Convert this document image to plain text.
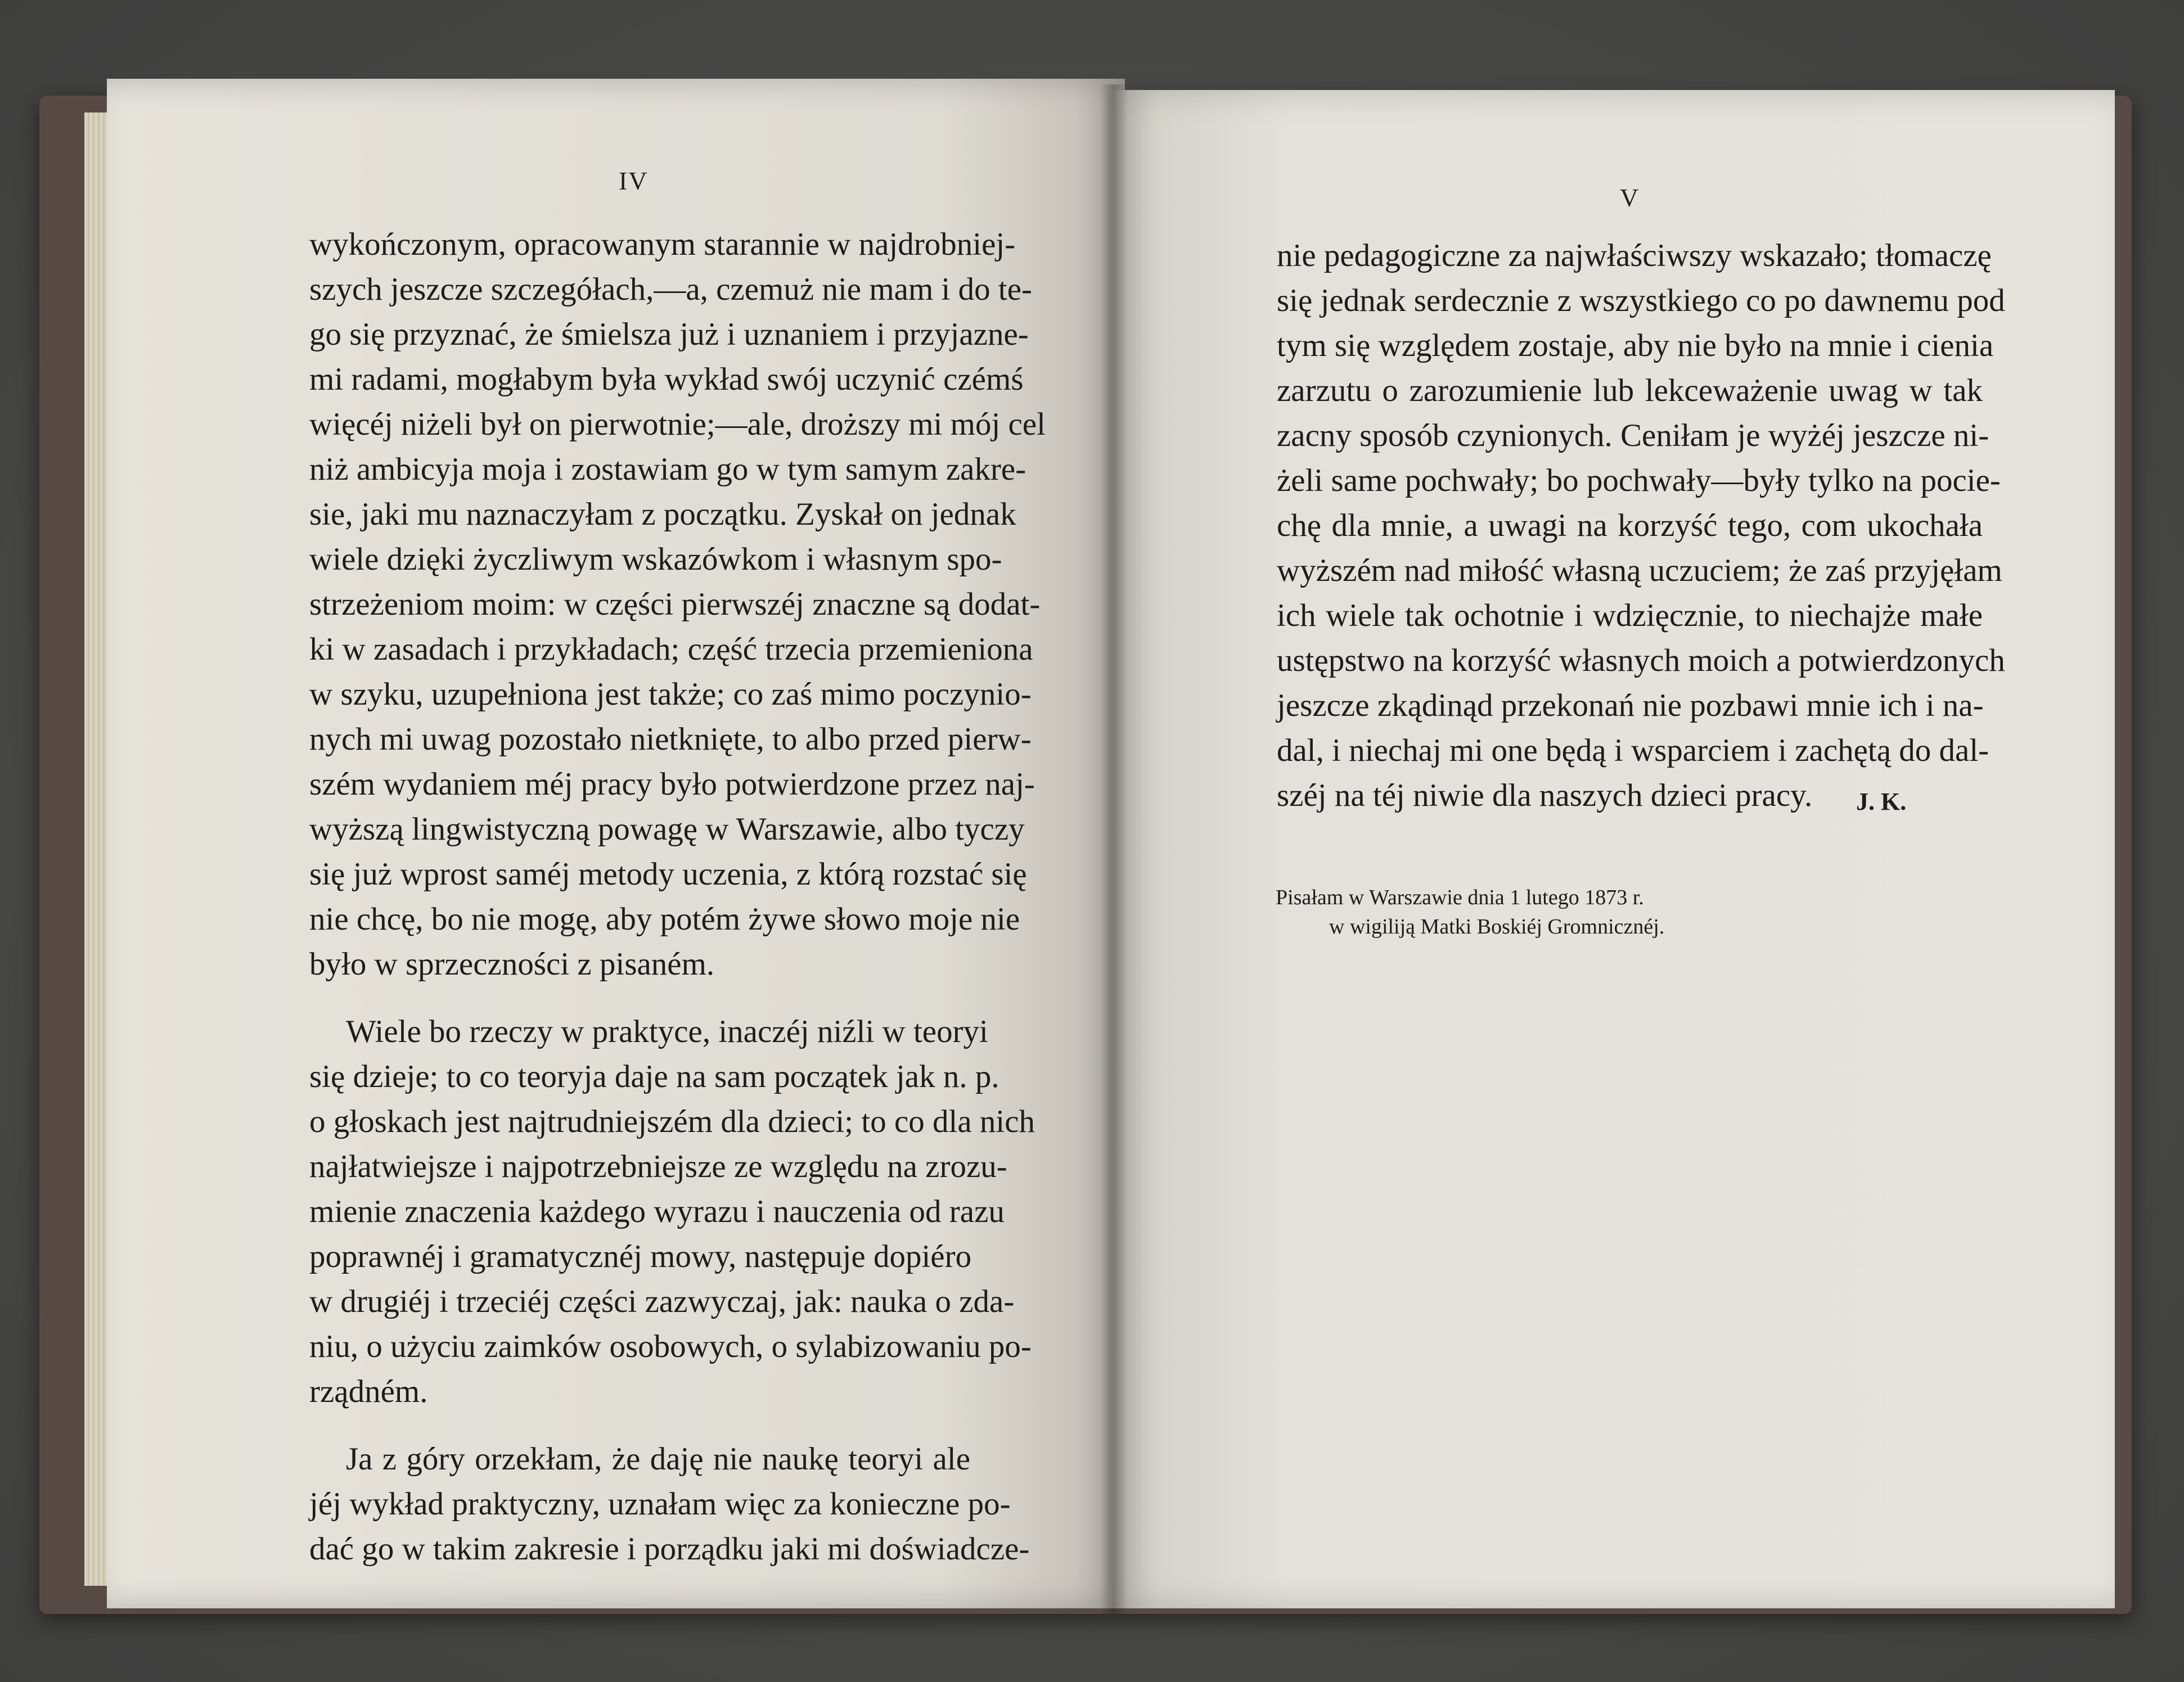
IV
V
wykończonym, opracowanym starannie w najdrobniej-
szych jeszcze szczegółach,—a, czemuż nie mam i do te-
go się przyznać, że śmielsza już i uznaniem i przyjazne-
mi radami, mogłabym była wykład swój uczynić czémś
więcéj niżeli był on pierwotnie;—ale, droższy mi mój cel
niż ambicyja moja i zostawiam go w tym samym zakre-
sie, jaki mu naznaczyłam z początku. Zyskał on jednak
wiele dzięki życzliwym wskazówkom i własnym spo-
strzeżeniom moim: w części pierwszéj znaczne są dodat-
ki w zasadach i przykładach; część trzecia przemieniona
w szyku, uzupełniona jest także; co zaś mimo poczynio-
nych mi uwag pozostało nietknięte, to albo przed pierw-
szém wydaniem méj pracy było potwierdzone przez naj-
wyższą lingwistyczną powagę w Warszawie, albo tyczy
się już wprost saméj metody uczenia, z którą rozstać się
nie chcę, bo nie mogę, aby potém żywe słowo moje nie
było w sprzeczności z pisaném.
Wiele bo rzeczy w praktyce, inaczéj niźli w teoryi
się dzieje; to co teoryja daje na sam początek jak n. p.
o głoskach jest najtrudniejszém dla dzieci; to co dla nich
najłatwiejsze i najpotrzebniejsze ze względu na zrozu-
mienie znaczenia każdego wyrazu i nauczenia od razu
poprawnéj i gramatycznéj mowy, następuje dopiéro
w drugiéj i trzeciéj części zazwyczaj, jak: nauka o zda-
niu, o użyciu zaimków osobowych, o sylabizowaniu po-
rządném.
Ja z góry orzekłam, że daję nie naukę teoryi ale
jéj wykład praktyczny, uznałam więc za konieczne po-
dać go w takim zakresie i porządku jaki mi doświadcze-
nie pedagogiczne za najwłaściwszy wskazało; tłomaczę
się jednak serdecznie z wszystkiego co po dawnemu pod
tym się względem zostaje, aby nie było na mnie i cienia
zarzutu o zarozumienie lub lekceważenie uwag w tak
zacny sposób czynionych. Ceniłam je wyżéj jeszcze ni-
żeli same pochwały; bo pochwały—były tylko na pocie-
chę dla mnie, a uwagi na korzyść tego, com ukochała
wyższém nad miłość własną uczuciem; że zaś przyjęłam
ich wiele tak ochotnie i wdzięcznie, to niechajże małe
ustępstwo na korzyść własnych moich a potwierdzonych
jeszcze zkądinąd przekonań nie pozbawi mnie ich i na-
dal, i niechaj mi one będą i wsparciem i zachętą do dal-
széj na téj niwie dla naszych dzieci pracy.	J. K.
Pisałam w Warszawie dnia 1 lutego 1873 r.
w wigiliją Matki Boskiéj Gromnicznéj.
